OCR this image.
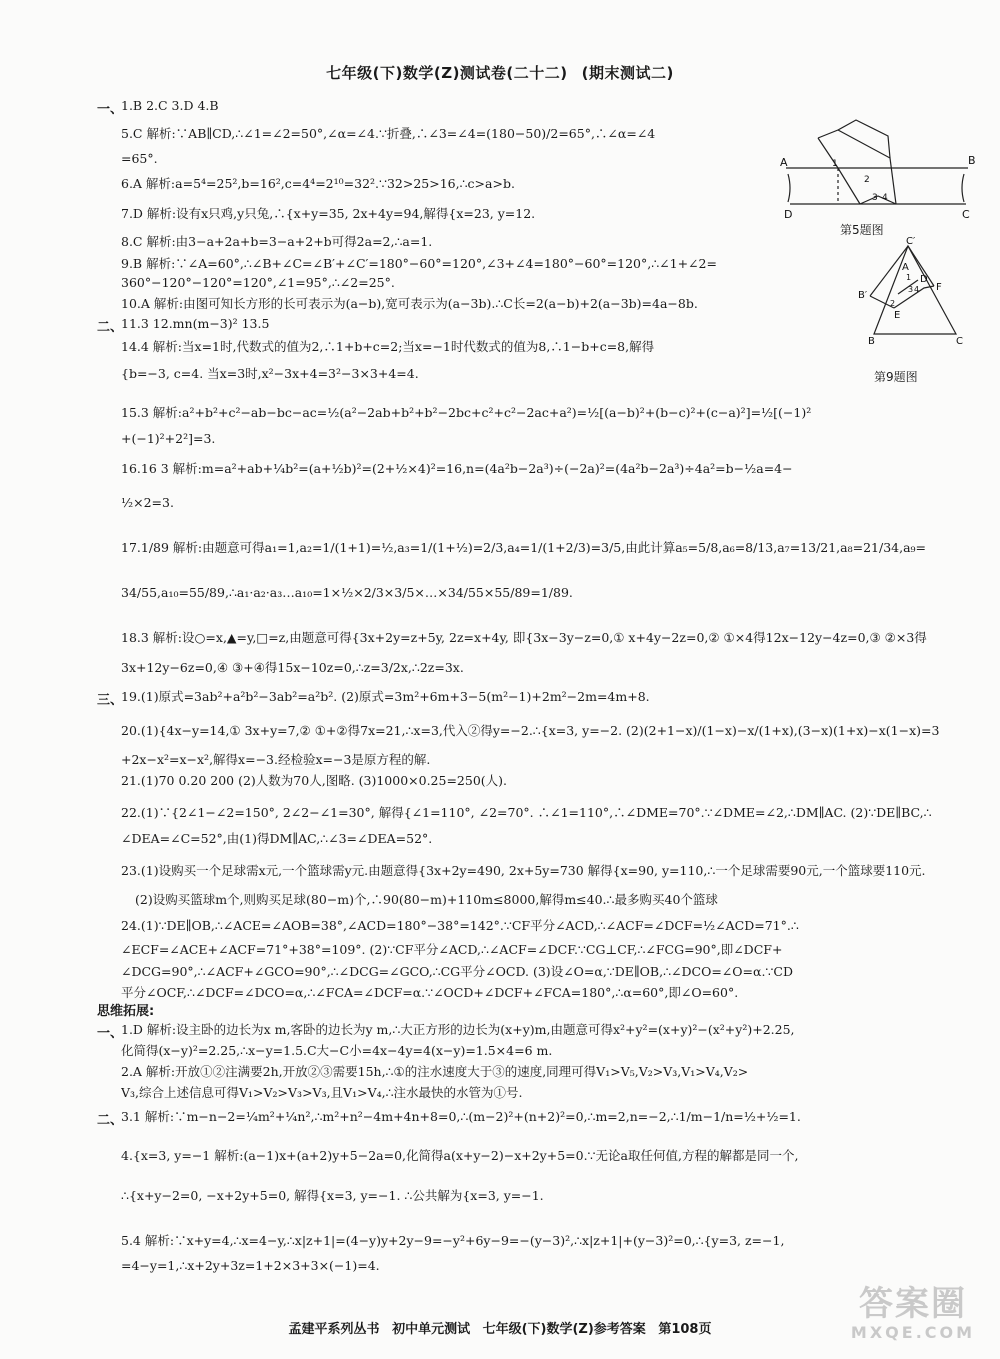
七年级(下)数学(Z)测试卷(二十二) (期末测试二)
一、
二、
三、
思维拓展:
一、
二、
1.B 2.C 3.D 4.B
5.C 解析:∵AB∥CD,∴∠1=∠2=50°,∠α=∠4.∵折叠,∴∠3=∠4=(180−50)/2=65°,∴∠α=∠4
=65°.
6.A 解析:a=5⁴=25²,b=16²,c=4⁴=2¹⁰=32².∵32>25>16,∴c>a>b.
7.D 解析:设有x只鸡,y只兔,∴{x+y=35, 2x+4y=94,解得{x=23, y=12.
8.C 解析:由3−a+2a+b=3−a+2+b可得2a=2,∴a=1.
9.B 解析:∵∠A=60°,∴∠B+∠C=∠B′+∠C′=180°−60°=120°,∠3+∠4=180°−60°=120°,∴∠1+∠2=
360°−120°−120°=120°,∠1=95°,∴∠2=25°.
10.A 解析:由图可知长方形的长可表示为(a−b),宽可表示为(a−3b).∴C长=2(a−b)+2(a−3b)=4a−8b.
11.3 12.mn(m−3)² 13.5
14.4 解析:当x=1时,代数式的值为2,∴1+b+c=2;当x=−1时代数式的值为8,∴1−b+c=8,解得
{b=−3, c=4. 当x=3时,x²−3x+4=3²−3×3+4=4.
15.3 解析:a²+b²+c²−ab−bc−ac=½(a²−2ab+b²+b²−2bc+c²+c²−2ac+a²)=½[(a−b)²+(b−c)²+(c−a)²]=½[(−1)²
+(−1)²+2²]=3.
16.16 3 解析:m=a²+ab+¼b²=(a+½b)²=(2+½×4)²=16,n=(4a²b−2a³)÷(−2a)²=(4a²b−2a³)÷4a²=b−½a=4−
½×2=3.
17.1/89 解析:由题意可得a₁=1,a₂=1/(1+1)=½,a₃=1/(1+½)=2/3,a₄=1/(1+2/3)=3/5,由此计算a₅=5/8,a₆=8/13,a₇=13/21,a₈=21/34,a₉=
34/55,a₁₀=55/89,∴a₁·a₂·a₃…a₁₀=1×½×2/3×3/5×…×34/55×55/89=1/89.
18.3 解析:设○=x,▲=y,□=z,由题意可得{3x+2y=z+5y, 2z=x+4y, 即{3x−3y−z=0,① x+4y−2z=0,② ①×4得12x−12y−4z=0,③ ②×3得
3x+12y−6z=0,④ ③+④得15x−10z=0,∴z=3/2x,∴2z=3x.
19.(1)原式=3ab²+a²b²−3ab²=a²b². (2)原式=3m²+6m+3−5(m²−1)+2m²−2m=4m+8.
20.(1){4x−y=14,① 3x+y=7,② ①+②得7x=21,∴x=3,代入②得y=−2.∴{x=3, y=−2. (2)(2+1−x)/(1−x)−x/(1+x),(3−x)(1+x)−x(1−x)=3
+2x−x²=x−x²,解得x=−3.经检验x=−3是原方程的解.
21.(1)70 0.20 200 (2)人数为70人,图略. (3)1000×0.25=250(人).
22.(1)∵{2∠1−∠2=150°, 2∠2−∠1=30°, 解得{∠1=110°, ∠2=70°. ∴∠1=110°,∴∠DME=70°.∵∠DME=∠2,∴DM∥AC. (2)∵DE∥BC,∴
∠DEA=∠C=52°,由(1)得DM∥AC,∴∠3=∠DEA=52°.
23.(1)设购买一个足球需x元,一个篮球需y元.由题意得{3x+2y=490, 2x+5y=730 解得{x=90, y=110,∴一个足球需要90元,一个篮球要110元.
(2)设购买篮球m个,则购买足球(80−m)个,∴90(80−m)+110m≤8000,解得m≤40.∴最多购买40个篮球
24.(1)∵DE∥OB,∴∠ACE=∠AOB=38°,∠ACD=180°−38°=142°.∵CF平分∠ACD,∴∠ACF=∠DCF=½∠ACD=71°.∴
∠ECF=∠ACE+∠ACF=71°+38°=109°. (2)∵CF平分∠ACD,∴∠ACF=∠DCF.∵CG⊥CF,∴∠FCG=90°,即∠DCF+
∠DCG=90°,∴∠ACF+∠GCO=90°,∴∠DCG=∠GCO,∴CG平分∠OCD. (3)设∠O=α,∵DE∥OB,∴∠DCO=∠O=α.∵CD
平分∠OCF,∴∠DCF=∠DCO=α,∴∠FCA=∠DCF=α.∵∠OCD+∠DCF+∠FCA=180°,∴α=60°,即∠O=60°.
1.D 解析:设主卧的边长为x m,客卧的边长为y m,∴大正方形的边长为(x+y)m,由题意可得x²+y²=(x+y)²−(x²+y²)+2.25,
化简得(x−y)²=2.25,∴x−y=1.5.C大−C小=4x−4y=4(x−y)=1.5×4=6 m.
2.A 解析:开放①②注满要2h,开放②③需要15h,∴①的注水速度大于③的速度,同理可得V₁>V₅,V₂>V₃,V₁>V₄,V₂>
V₃,综合上述信息可得V₁>V₂>V₃>V₃,且V₁>V₄,∴注水最快的水管为①号.
3.1 解析:∵m−n−2=¼m²+¼n²,∴m²+n²−4m+4n+8=0,∴(m−2)²+(n+2)²=0,∴m=2,n=−2,∴1/m−1/n=½+½=1.
4.{x=3, y=−1 解析:(a−1)x+(a+2)y+5−2a=0,化简得a(x+y−2)−x+2y+5=0.∵无论a取任何值,方程的解都是同一个,
∴{x+y−2=0, −x+2y+5=0, 解得{x=3, y=−1. ∴公共解为{x=3, y=−1.
5.4 解析:∵x+y=4,∴x=4−y,∴x|z+1|=(4−y)y+2y−9=−y²+6y−9=−(y−3)²,∴x|z+1|+(y−3)²=0,∴{y=3, z=−1,
=4−y=1,∴x+2y+3z=1+2×3+3×(−1)=4.
A	B
D	C
1
2
3 4
第5题图
C′
A
B′
D
F
E
B	C
1
2
3 4
第9题图
孟建平系列丛书 初中单元测试 七年级(下)数学(Z)参考答案 第108页
答案圈
MXQE.COM
